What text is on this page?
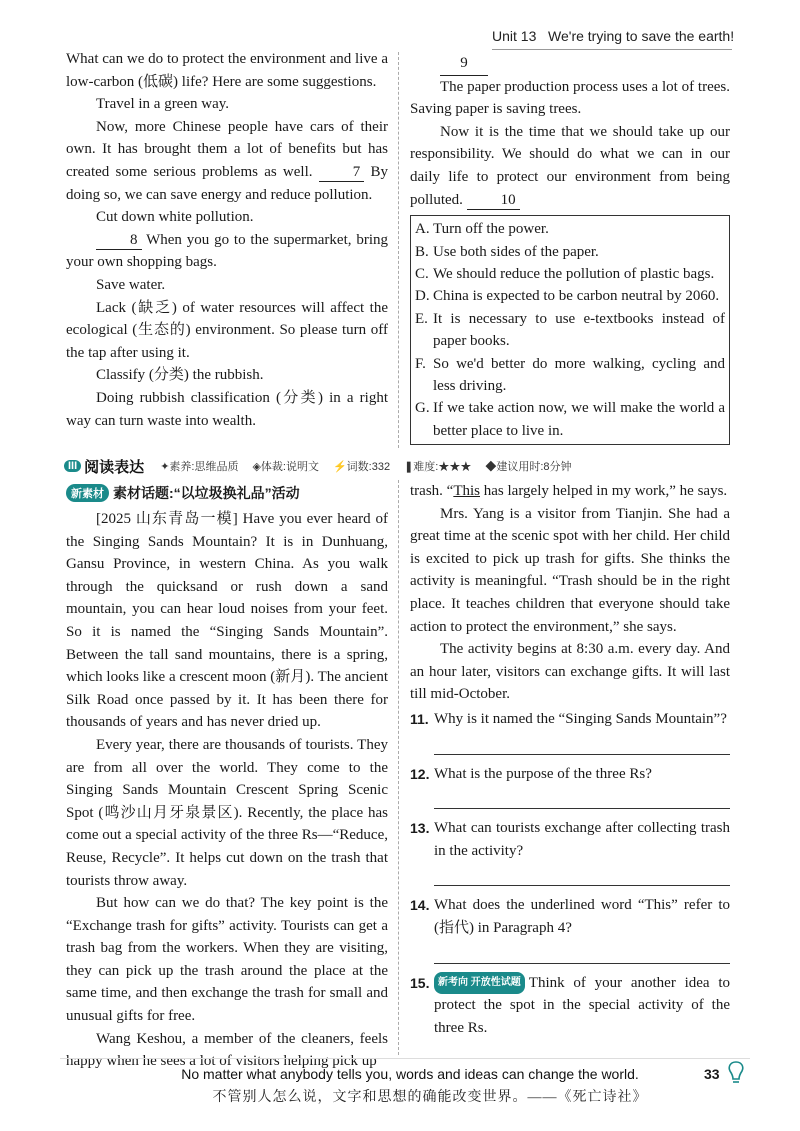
Unit 13 We're trying to save the earth!

What can we do to protect the environment and live a low-carbon (低碳) life? Here are some suggestions.

Travel in a green way.

Now, more Chinese people have cars of their own. It has brought them a lot of benefits but has created some serious problems as well.	7 By doing so, we can save energy and reduce pollution.

Cut down white pollution.

8 When you go to the supermarket, bring your own shopping bags.

Save water.

Lack (缺乏) of water resources will affect the ecological (生态的) environment. So please turn off the tap after using it.

Classify (分类) the rubbish.

Doing rubbish classification (分类) in a right way can turn waste into wealth.

9

The paper production process uses a lot of trees. Saving paper is saving trees.

Now it is the time that we should take up our responsibility. We should do what we can in our daily life to protect our environment from being polluted.	10

A. Turn off the power.
B. Use both sides of the paper.
C. We should reduce the pollution of plastic bags.
D. China is expected to be carbon neutral by 2060.
E. It is necessary to use e-textbooks instead of paper books.
F. So we'd better do more walking, cycling and less driving.
G. If we take action now, we will make the world a better place to live in.
III 阅读表达 ✦素养:思维品质 ◈体裁:说明文 ⚡词数:332 ❚难度:★★★ ◆建议用时:8分钟
新素材 素材话题:“以垃圾换礼品”活动

[2025 山东青岛一模] Have you ever heard of the Singing Sands Mountain? It is in Dunhuang, Gansu Province, in western China. As you walk through the quicksand or rush down a sand mountain, you can hear loud noises from your feet. So it is named the “Singing Sands Mountain”. Between the tall sand mountains, there is a spring, which looks like a crescent moon (新月). The ancient Silk Road once passed by it. It has been there for thousands of years and has never dried up.

Every year, there are thousands of tourists. They are from all over the world. They come to the Singing Sands Mountain Crescent Spring Scenic Spot (鸣沙山月牙泉景区). Recently, the place has come out a special activity of the three Rs—“Reduce, Reuse, Recycle”. It helps cut down on the trash that tourists throw away.

But how can we do that? The key point is the “Exchange trash for gifts” activity. Tourists can get a trash bag from the workers. When they are visiting, they can pick up the trash around the place at the same time, and then exchange the trash for small and unusual gifts for free.

Wang Keshou, a member of the cleaners, feels happy when he sees a lot of visitors helping pick up

trash. “This has largely helped in my work,” he says.

Mrs. Yang is a visitor from Tianjin. She had a great time at the scenic spot with her child. Her child is excited to pick up trash for gifts. She thinks the activity is meaningful. “Trash should be in the right place. It teaches children that everyone should take action to protect the environment,” she says.

The activity begins at 8:30 a.m. every day. And an hour later, visitors can exchange gifts. It will last till mid-October.

11. Why is it named the “Singing Sands Mountain”?
12. What is the purpose of the three Rs?
13. What can tourists exchange after collecting trash in the activity?
14. What does the underlined word “This” refer to (指代) in Paragraph 4?
15. 新考向 开放性试题 Think of your another idea to protect the spot in the special activity of the three Rs.
No matter what anybody tells you, words and ideas can change the world.
不管别人怎么说，文字和思想的确能改变世界。——《死亡诗社》
33
